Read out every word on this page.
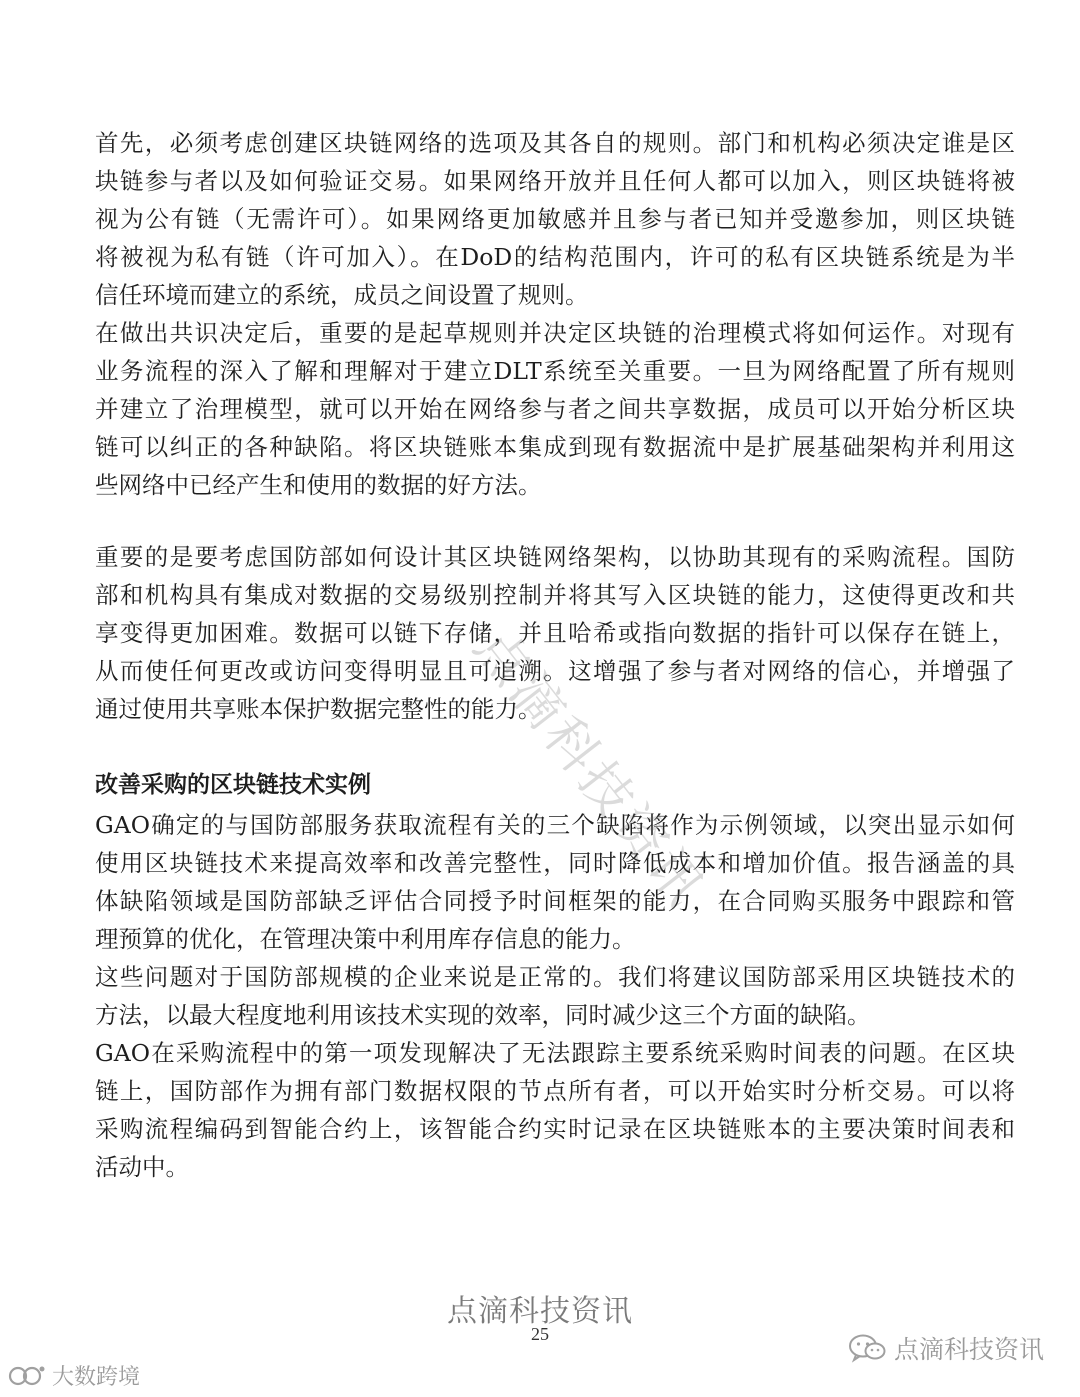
首先，必须考虑创建区块链网络的选项及其各自的规则。部门和机构必须决定谁是区
块链参与者以及如何验证交易。如果网络开放并且任何人都可以加入，则区块链将被
视为公有链（无需许可）。如果网络更加敏感并且参与者已知并受邀参加，则区块链
将被视为私有链（许可加入）。在DoD的结构范围内，许可的私有区块链系统是为半
信任环境而建立的系统，成员之间设置了规则。
在做出共识决定后，重要的是起草规则并决定区块链的治理模式将如何运作。对现有
业务流程的深入了解和理解对于建立DLT系统至关重要。一旦为网络配置了所有规则
并建立了治理模型，就可以开始在网络参与者之间共享数据，成员可以开始分析区块
链可以纠正的各种缺陷。将区块链账本集成到现有数据流中是扩展基础架构并利用这
些网络中已经产生和使用的数据的好方法。
重要的是要考虑国防部如何设计其区块链网络架构，以协助其现有的采购流程。国防
部和机构具有集成对数据的交易级别控制并将其写入区块链的能力，这使得更改和共
享变得更加困难。数据可以链下存储，并且哈希或指向数据的指针可以保存在链上，
从而使任何更改或访问变得明显且可追溯。这增强了参与者对网络的信心，并增强了
通过使用共享账本保护数据完整性的能力。
改善采购的区块链技术实例
GAO确定的与国防部服务获取流程有关的三个缺陷将作为示例领域，以突出显示如何
使用区块链技术来提高效率和改善完整性，同时降低成本和增加价值。报告涵盖的具
体缺陷领域是国防部缺乏评估合同授予时间框架的能力，在合同购买服务中跟踪和管
理预算的优化，在管理决策中利用库存信息的能力。
这些问题对于国防部规模的企业来说是正常的。我们将建议国防部采用区块链技术的
方法，以最大程度地利用该技术实现的效率，同时减少这三个方面的缺陷。
GAO在采购流程中的第一项发现解决了无法跟踪主要系统采购时间表的问题。在区块
链上，国防部作为拥有部门数据权限的节点所有者，可以开始实时分析交易。可以将
采购流程编码到智能合约上，该智能合约实时记录在区块链账本的主要决策时间表和
活动中。
点滴科技资讯
点滴科技资讯
25
点滴科技资讯
大数跨境
